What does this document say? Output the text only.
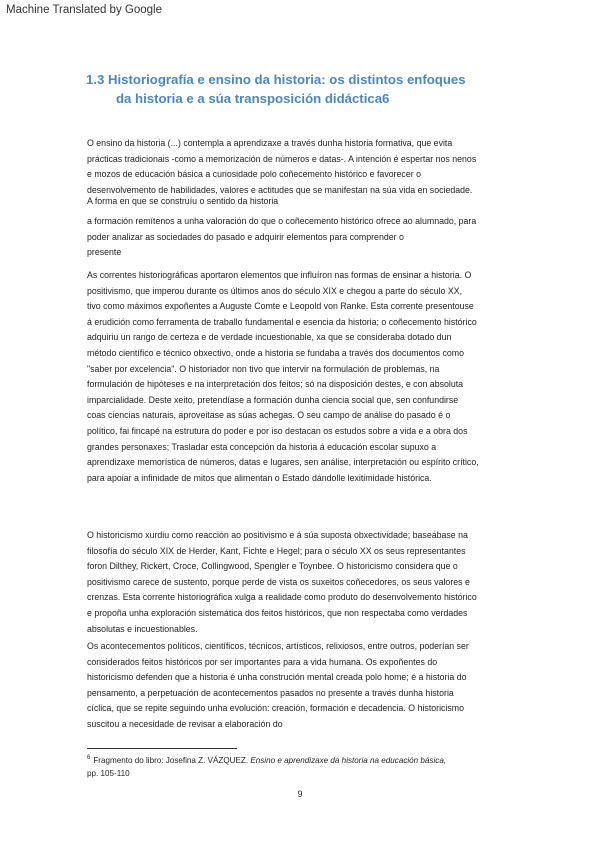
Machine Translated by Google
1.3 Historiografía e ensino da historia: os distintos enfoques
da historia e a súa transposición didáctica6
O ensino da historia (...) contempla a aprendizaxe a través dunha historia formativa, que evita
prácticas tradicionais -como a memorización de números e datas-. A intención é espertar nos nenos
e mozos de educación básica a curiosidade polo coñecemento histórico e favorecer o
desenvolvemento de habilidades, valores e actitudes que se manifestan na súa vida en sociedade.
A forma en que se construíu o sentido da historia
a formación remítenos a unha valoración do que o coñecemento histórico ofrece ao alumnado, para
poder analizar as sociedades do pasado e adquirir elementos para comprender o
presente
As correntes historiográficas aportaron elementos que influíron nas formas de ensinar a historia. O
positivismo, que imperou durante os últimos anos do século XIX e chegou a parte do século XX,
tivo como máximos expoñentes a Auguste Comte e Leopold von Ranke. Esta corrente presentouse
á erudición como ferramenta de traballo fundamental e esencia da historia; o coñecemento histórico
adquiriu un rango de certeza e de verdade incuestionable, xa que se consideraba dotado dun
método científico e técnico obxectivo, onde a historia se fundaba a través dos documentos como
"saber por excelencia". O historiador non tivo que intervir na formulación de problemas, na
formulación de hipóteses e na interpretación dos feitos; só na disposición destes, e con absoluta
imparcialidade. Deste xeito, pretendíase a formación dunha ciencia social que, sen confundirse
coas ciencias naturais, aproveitase as súas achegas. O seu campo de análise do pasado é o
político, fai fincapé na estrutura do poder e por iso destacan os estudos sobre a vida e a obra dos
grandes personaxes; Trasladar esta concepción da historia á educación escolar supuxo a
aprendizaxe memorística de números, datas e lugares, sen análise, interpretación ou espírito crítico,
para apoiar a infinidade de mitos que alimentan o Estado dándolle lexitimidade histórica.
O historicismo xurdiu como reacción ao positivismo e á súa suposta obxectividade; baseábase na
filosofía do século XIX de Herder, Kant, Fichte e Hegel; para o século XX os seus representantes
foron Dilthey, Rickert, Croce, Collingwood, Spengler e Toynbee. O historicismo considera que o
positivismo carece de sustento, porque perde de vista os suxeitos coñecedores, os seus valores e
crenzas. Esta corrente historiográfica xulga a realidade como produto do desenvolvemento histórico
e propoña unha exploración sistemática dos feitos históricos, que non respectaba como verdades
absolutas e incuestionables.
Os acontecementos políticos, científicos, técnicos, artísticos, relixiosos, entre outros, poderían ser
considerados feitos históricos por ser importantes para a vida humana. Os expoñentes do
historicismo defenden que a historia é unha construción mental creada polo home; é a historia do
pensamento, a perpetuación de acontecementos pasados no presente a través dunha historia
cíclica, que se repite seguindo unha evolución: creación, formación e decadencia. O historicismo
suscitou a necesidade de revisar a elaboración do
$^6$ Fragmento do libro: Josefina Z. VÁZQUEZ. Ensino e aprendizaxe da historia na educación básica,
pp. 105-110
9
